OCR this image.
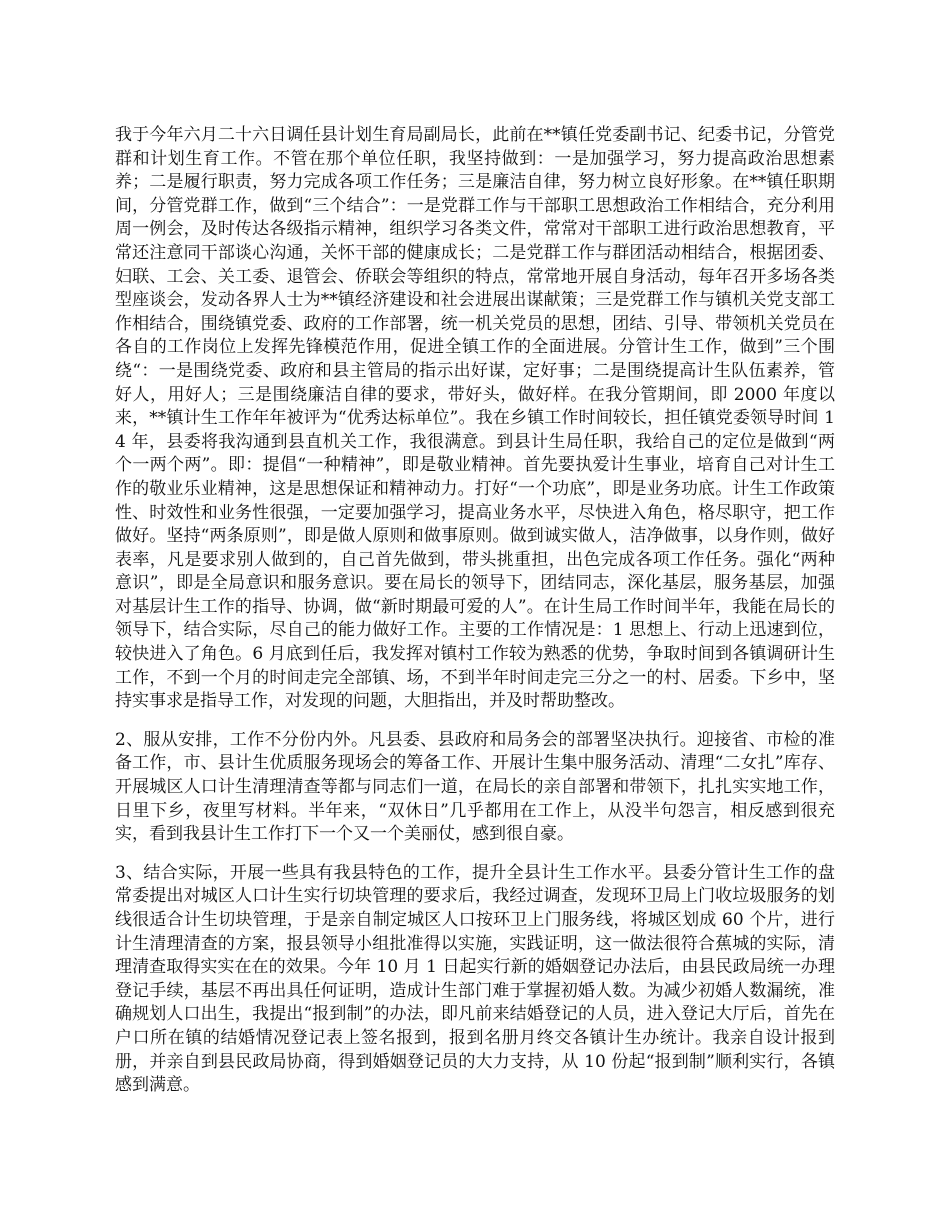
我于今年六月二十六日调任县计划生育局副局长，此前在**镇任党委副书记、纪委书记，分管党群和计划生育工作。不管在那个单位任职，我坚持做到：一是加强学习，努力提高政治思想素养；二是履行职责，努力完成各项工作任务；三是廉洁自律，努力树立良好形象。在**镇任职期间，分管党群工作，做到“三个结合”：一是党群工作与干部职工思想政治工作相结合，充分利用周一例会，及时传达各级指示精神，组织学习各类文件，常常对干部职工进行政治思想教育，平常还注意同干部谈心沟通，关怀干部的健康成长；二是党群工作与群团活动相结合，根据团委、妇联、工会、关工委、退管会、侨联会等组织的特点，常常地开展自身活动，每年召开多场各类型座谈会，发动各界人士为**镇经济建设和社会进展出谋献策；三是党群工作与镇机关党支部工作相结合，围绕镇党委、政府的工作部署，统一机关党员的思想，团结、引导、带领机关党员在各自的工作岗位上发挥先锋模范作用，促进全镇工作的全面进展。分管计生工作，做到”三个围绕“：一是围绕党委、政府和县主管局的指示出好谋，定好事；二是围绕提高计生队伍素养，管好人，用好人；三是围绕廉洁自律的要求，带好头，做好样。在我分管期间，即 2000 年度以来，**镇计生工作年年被评为“优秀达标单位”。我在乡镇工作时间较长，担任镇党委领导时间 14 年，县委将我沟通到县直机关工作，我很满意。到县计生局任职，我给自己的定位是做到“两个一两个两”。即：提倡“一种精神”，即是敬业精神。首先要执爱计生事业，培育自己对计生工作的敬业乐业精神，这是思想保证和精神动力。打好“一个功底”，即是业务功底。计生工作政策性、时效性和业务性很强，一定要加强学习，提高业务水平，尽快进入角色，格尽职守，把工作做好。坚持“两条原则”，即是做人原则和做事原则。做到诚实做人，洁净做事，以身作则，做好表率，凡是要求别人做到的，自己首先做到，带头挑重担，出色完成各项工作任务。强化“两种意识”，即是全局意识和服务意识。要在局长的领导下，团结同志，深化基层，服务基层，加强对基层计生工作的指导、协调，做“新时期最可爱的人”。在计生局工作时间半年，我能在局长的领导下，结合实际，尽自己的能力做好工作。主要的工作情况是：1 思想上、行动上迅速到位，较快进入了角色。6 月底到任后，我发挥对镇村工作较为熟悉的优势，争取时间到各镇调研计生工作，不到一个月的时间走完全部镇、场，不到半年时间走完三分之一的村、居委。下乡中，坚持实事求是指导工作，对发现的问题，大胆指出，并及时帮助整改。

2、服从安排，工作不分份内外。凡县委、县政府和局务会的部署坚决执行。迎接省、市检的准备工作，市、县计生优质服务现场会的筹备工作、开展计生集中服务活动、清理“二女扎”库存、开展城区人口计生清理清查等都与同志们一道，在局长的亲自部署和带领下，扎扎实实地工作，日里下乡，夜里写材料。半年来，“双休日”几乎都用在工作上，从没半句怨言，相反感到很充实，看到我县计生工作打下一个又一个美丽仗，感到很自豪。

3、结合实际，开展一些具有我县特色的工作，提升全县计生工作水平。县委分管计生工作的盘常委提出对城区人口计生实行切块管理的要求后，我经过调查，发现环卫局上门收垃圾服务的划线很适合计生切块管理，于是亲自制定城区人口按环卫上门服务线，将城区划成 60 个片，进行计生清理清查的方案，报县领导小组批准得以实施，实践证明，这一做法很符合蕉城的实际，清理清查取得实实在在的效果。今年 10 月 1 日起实行新的婚姻登记办法后，由县民政局统一办理登记手续，基层不再出具任何证明，造成计生部门难于掌握初婚人数。为减少初婚人数漏统，准确规划人口出生，我提出“报到制”的办法，即凡前来结婚登记的人员，进入登记大厅后，首先在户口所在镇的结婚情况登记表上签名报到，报到名册月终交各镇计生办统计。我亲自设计报到册，并亲自到县民政局协商，得到婚姻登记员的大力支持，从 10 份起“报到制”顺利实行，各镇感到满意。
